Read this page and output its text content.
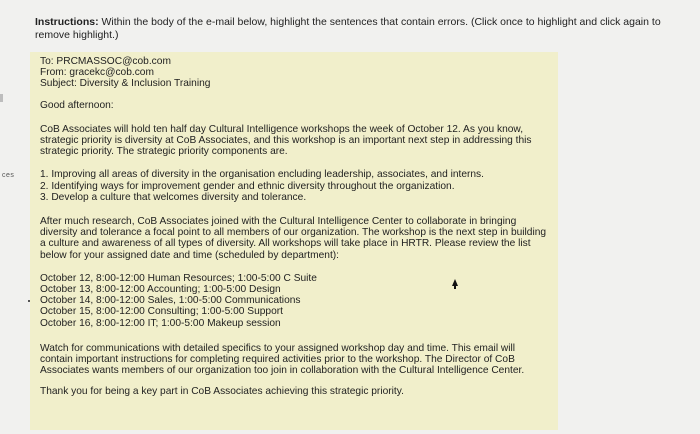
ces
Instructions: Within the body of the e-mail below, highlight the sentences that contain errors. (Click once to highlight and click again to remove highlight.)
To: PRCMASSOC@cob.com
From: gracekc@cob.com
Subject: Diversity & Inclusion Training
Good afternoon:
CoB Associates will hold ten half day Cultural Intelligence workshops the week of October 12. As you know,
strategic priority is diversity at CoB Associates, and this workshop is an important next step in addressing this
strategic priority. The strategic priority components are.
1. Improving all areas of diversity in the organisation encluding leadership, associates, and interns.
2. Identifying ways for improvement gender and ethnic diversity throughout the organization.
3. Develop a culture that welcomes diversity and tolerance.
After much research, CoB Associates joined with the Cultural Intelligence Center to collaborate in bringing
diversity and tolerance a focal point to all members of our organization. The workshop is the next step in building
a culture and awareness of all types of diversity. All workshops will take place in HRTR. Please review the list
below for your assigned date and time (scheduled by department):
October 12, 8:00-12:00 Human Resources; 1:00-5:00 C Suite
October 13, 8:00-12:00 Accounting; 1:00-5:00 Design
October 14, 8:00-12:00 Sales, 1:00-5:00 Communications
October 15, 8:00-12:00 Consulting; 1:00-5:00 Support
October 16, 8:00-12:00 IT; 1:00-5:00 Makeup session
Watch for communications with detailed specifics to your assigned workshop day and time. This email will
contain important instructions for completing required activities prior to the workshop. The Director of CoB
Associates wants members of our organization too join in collaboration with the Cultural Intelligence Center.
Thank you for being a key part in CoB Associates achieving this strategic priority.
